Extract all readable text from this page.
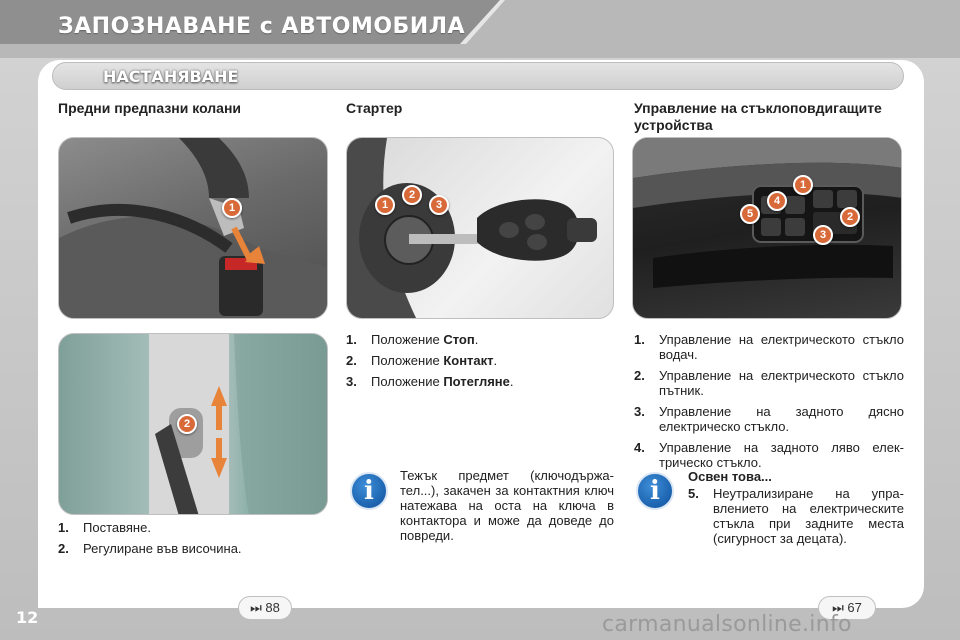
ЗАПОЗНАВАНЕ с АВТОМОБИЛА
НАСТАНЯВАНЕ
Предни предпазни колани
1
2
1.	Поставяне.
2.	Регулиране във височина.
⏭ 88
Стартер
1
2
3
1.	Положение Стоп.
2.	Положение Контакт.
3.	Положение Потегляне.
i
Тежък предмет (ключодържа-тел...), закачен за контактния ключ натежава на оста на ключа в контактора и може да доведе до повреди.
Управление на стъклоповдигащите устройства
1
2
3
4
5
1.	Управление на електрическото стъкло водач.
2.	Управление на електрическото стъкло пътник.
3.	Управление на задното дясно електрическо стъкло.
4.	Управление на задното ляво елек-трическо стъкло.
i	Освен това...
5.	Неутрализиране на упра-влението на електрическите стъкла при задните места (сигурност за децата).
⏭ 67
12	carmanualsonline.info
